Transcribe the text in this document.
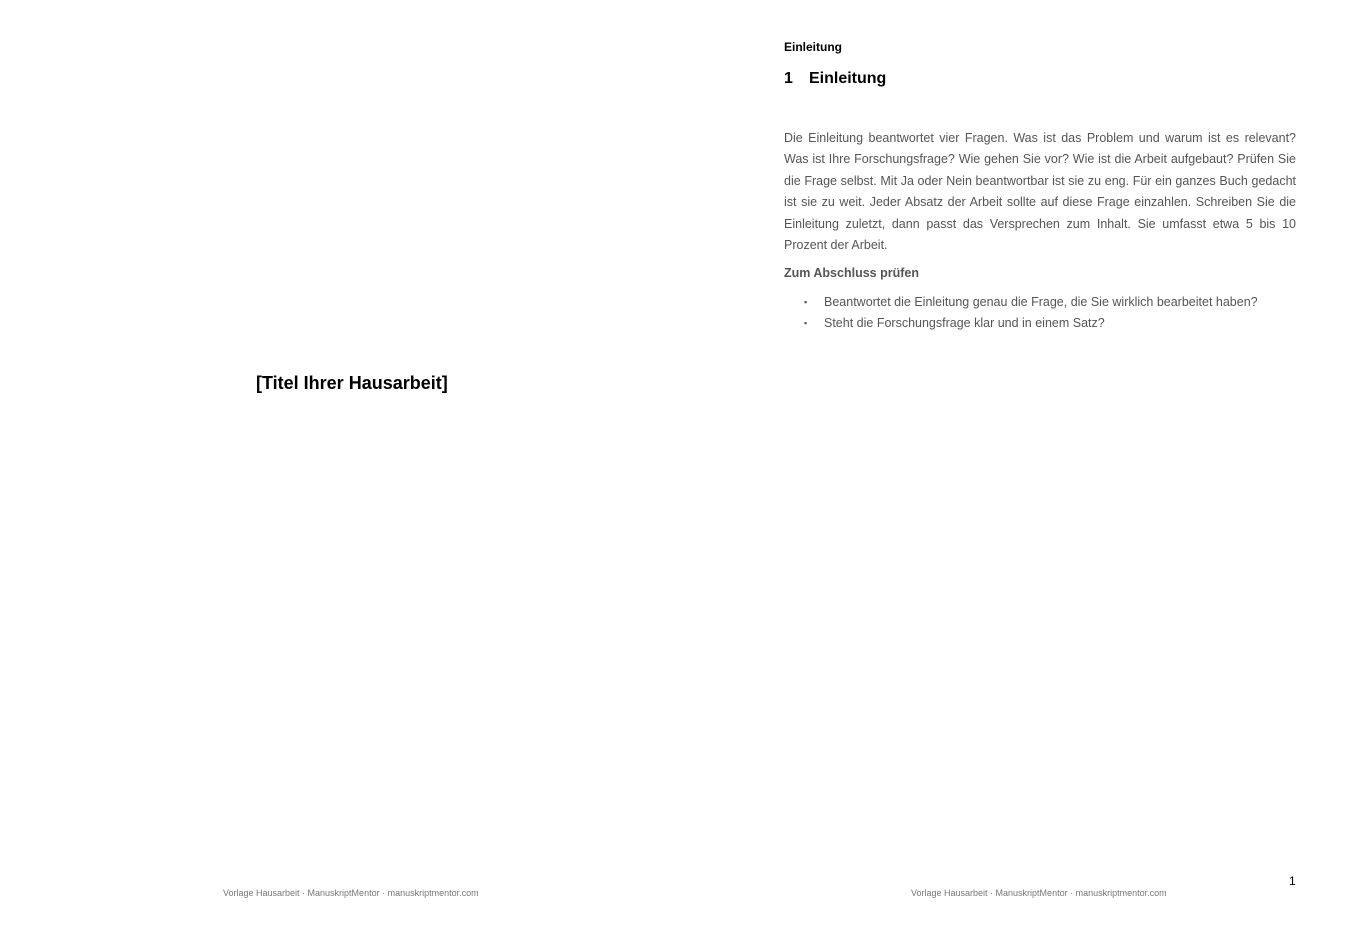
[Titel Ihrer Hausarbeit]
Vorlage Hausarbeit · ManuskriptMentor · manuskriptmentor.com
Einleitung
1 Einleitung

Die Einleitung beantwortet vier Fragen. Was ist das Problem und warum ist es relevant? Was ist Ihre Forschungsfrage? Wie gehen Sie vor? Wie ist die Arbeit aufgebaut? Prüfen Sie die Frage selbst. Mit Ja oder Nein beantwortbar ist sie zu eng. Für ein ganzes Buch gedacht ist sie zu weit. Jeder Absatz der Arbeit sollte auf diese Frage einzahlen. Schreiben Sie die Einleitung zuletzt, dann passt das Versprechen zum Inhalt. Sie umfasst etwa 5 bis 10 Prozent der Arbeit.

Zum Abschluss prüfen
▪ Beantwortet die Einleitung genau die Frage, die Sie wirklich bearbeitet haben?
▪ Steht die Forschungsfrage klar und in einem Satz?
1
Vorlage Hausarbeit · ManuskriptMentor · manuskriptmentor.com
